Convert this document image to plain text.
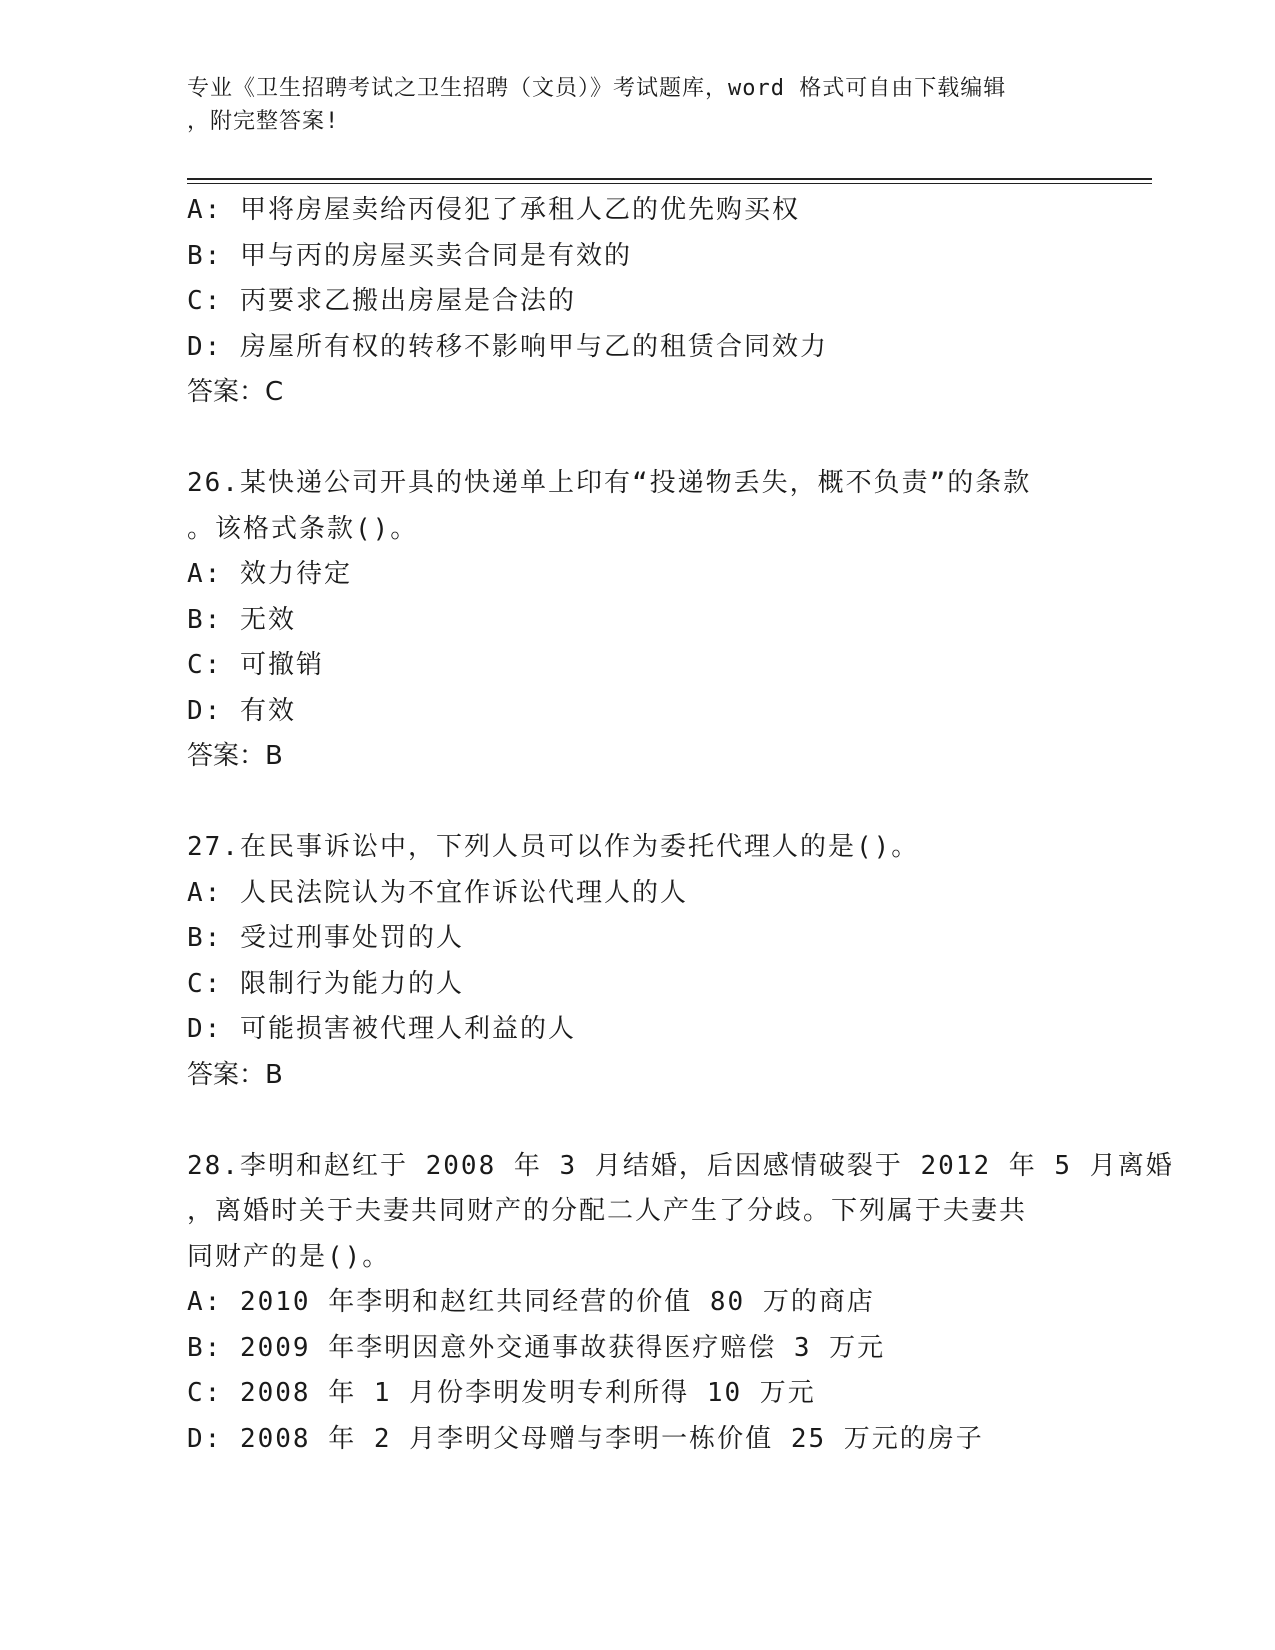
专业《卫生招聘考试之卫生招聘（文员）》考试题库，word 格式可自由下载编辑
，附完整答案!
A: 甲将房屋卖给丙侵犯了承租人乙的优先购买权
B: 甲与丙的房屋买卖合同是有效的
C: 丙要求乙搬出房屋是合法的
D: 房屋所有权的转移不影响甲与乙的租赁合同效力
答案：C
26.某快递公司开具的快递单上印有“投递物丢失，概不负责”的条款
。该格式条款()。
A: 效力待定
B: 无效
C: 可撤销
D: 有效
答案：B
27.在民事诉讼中，下列人员可以作为委托代理人的是()。
A: 人民法院认为不宜作诉讼代理人的人
B: 受过刑事处罚的人
C: 限制行为能力的人
D: 可能损害被代理人利益的人
答案：B
28.李明和赵红于 2008 年 3 月结婚，后因感情破裂于 2012 年 5 月离婚
，离婚时关于夫妻共同财产的分配二人产生了分歧。下列属于夫妻共
同财产的是()。
A: 2010 年李明和赵红共同经营的价值 80 万的商店
B: 2009 年李明因意外交通事故获得医疗赔偿 3 万元
C: 2008 年 1 月份李明发明专利所得 10 万元
D: 2008 年 2 月李明父母赠与李明一栋价值 25 万元的房子
